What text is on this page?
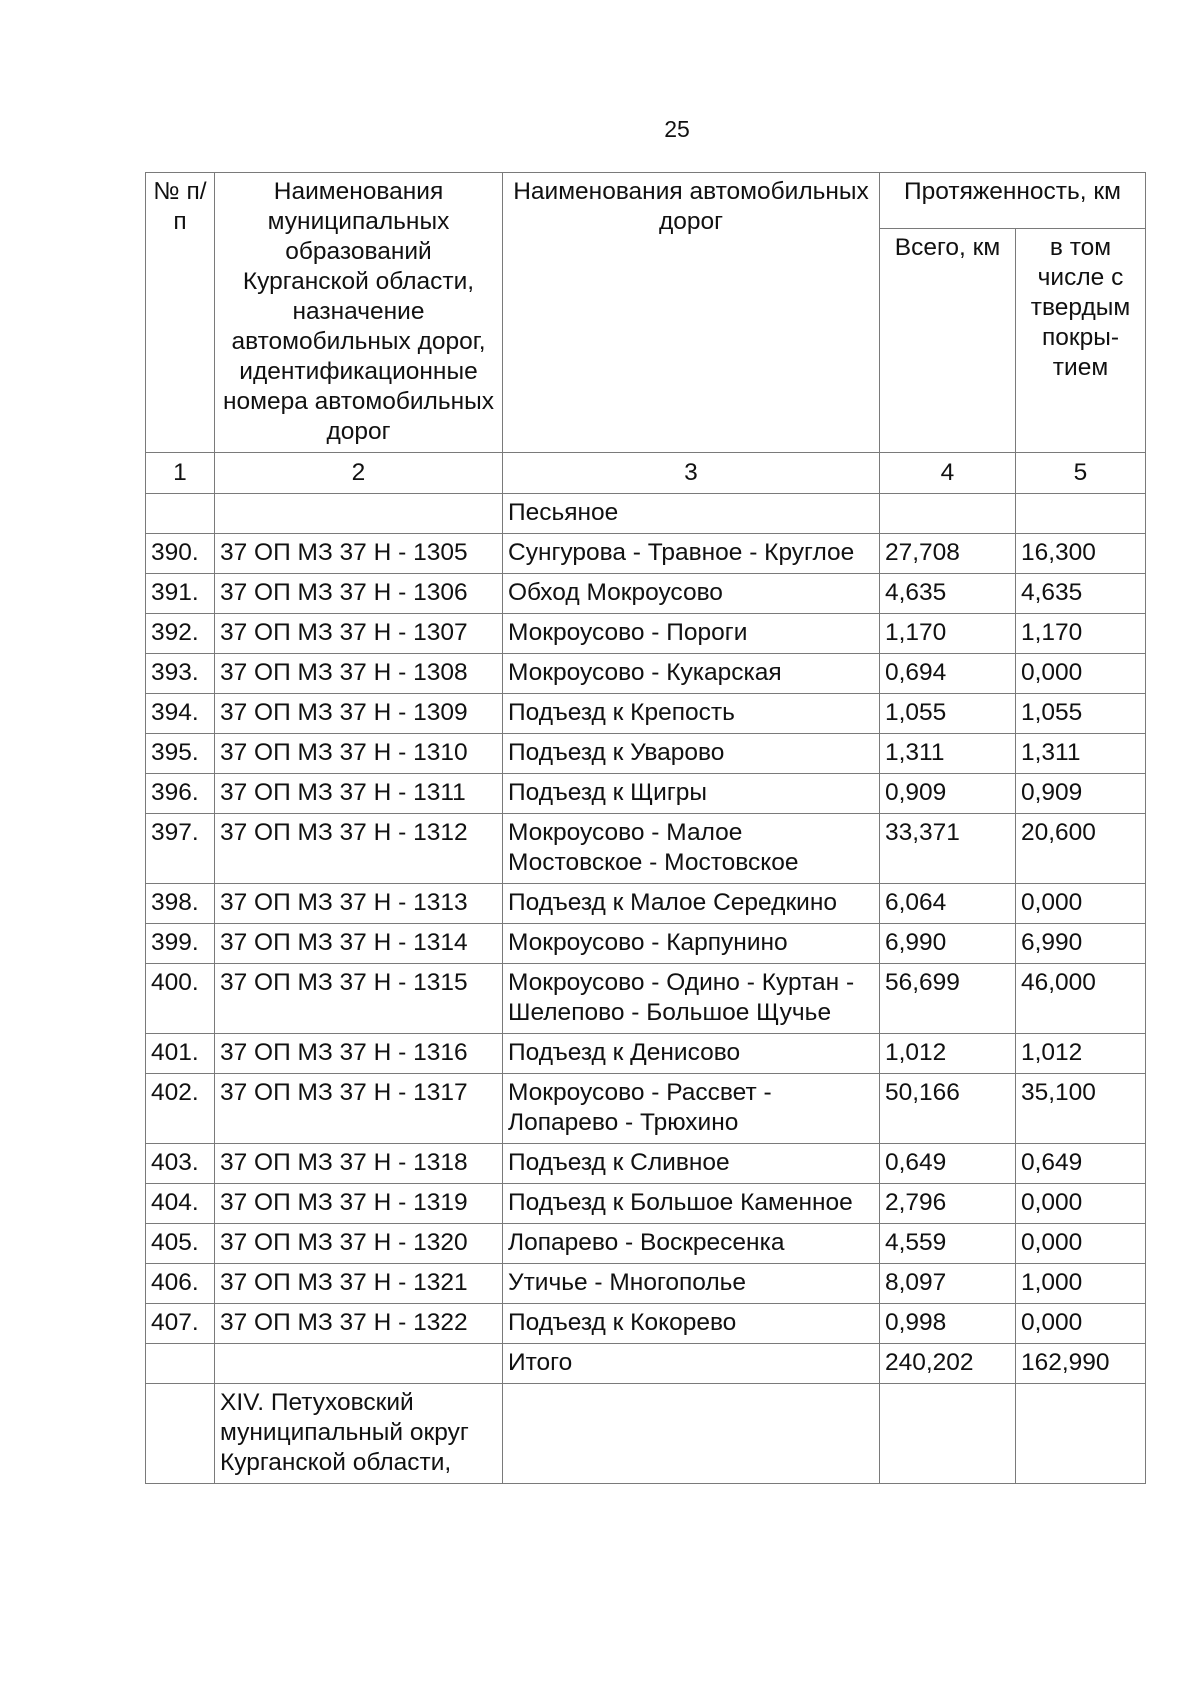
25
№ п/п	Наименования муниципальных образований Курганской области, назначение автомобильных дорог, идентификационные номера автомобильных дорог	Наименования автомобильных дорог	Протяженность, км	
			Всего, км	в том числе с твердым покры-тием
1	2	3	4	5
		Песьяное		
390.	37 ОП МЗ 37 Н - 1305	Сунгурова - Травное - Круглое	27,708	16,300
391.	37 ОП МЗ 37 Н - 1306	Обход Мокроусово	4,635	4,635
392.	37 ОП МЗ 37 Н - 1307	Мокроусово - Пороги	1,170	1,170
393.	37 ОП МЗ 37 Н - 1308	Мокроусово - Кукарская	0,694	0,000
394.	37 ОП МЗ 37 Н - 1309	Подъезд к Крепость	1,055	1,055
395.	37 ОП МЗ 37 Н - 1310	Подъезд к Уварово	1,311	1,311
396.	37 ОП МЗ 37 Н - 1311	Подъезд к Щигры	0,909	0,909
397.	37 ОП МЗ 37 Н - 1312	Мокроусово - Малое Мостовское - Мостовское	33,371	20,600
398.	37 ОП МЗ 37 Н - 1313	Подъезд к Малое Середкино	6,064	0,000
399.	37 ОП МЗ 37 Н - 1314	Мокроусово - Карпунино	6,990	6,990
400.	37 ОП МЗ 37 Н - 1315	Мокроусово - Одино - Куртан - Шелепово - Большое Щучье	56,699	46,000
401.	37 ОП МЗ 37 Н - 1316	Подъезд к Денисово	1,012	1,012
402.	37 ОП МЗ 37 Н - 1317	Мокроусово - Рассвет - Лопарево - Трюхино	50,166	35,100
403.	37 ОП МЗ 37 Н - 1318	Подъезд к Сливное	0,649	0,649
404.	37 ОП МЗ 37 Н - 1319	Подъезд к Большое Каменное	2,796	0,000
405.	37 ОП МЗ 37 Н - 1320	Лопарево - Воскресенка	4,559	0,000
406.	37 ОП МЗ 37 Н - 1321	Утичье - Многополье	8,097	1,000
407.	37 ОП МЗ 37 Н - 1322	Подъезд к Кокорево	0,998	0,000
		Итого	240,202	162,990
	XIV. Петуховский муниципальный округ Курганской области,			
